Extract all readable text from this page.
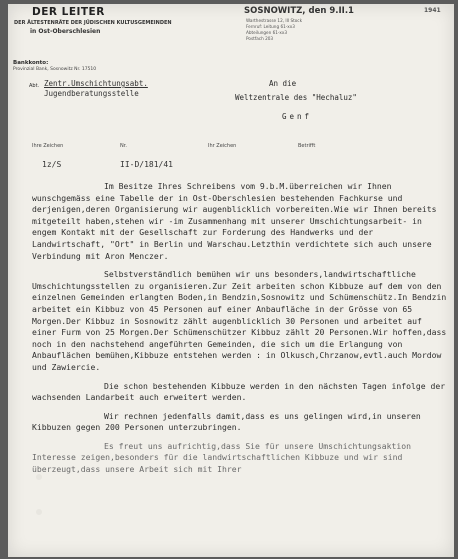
DER LEITER
DER ÄLTESTENRÄTE DER JÜDISCHEN KULTUSGEMEINDEN
in Ost-Oberschlesien
Bankkonto:
Provinzial Bank, Sosnowitz Nr. 17510
SOSNOWITZ, den 9.II.1	1941
Warthestrasse 12, III Stock
Fernruf: Leitung 61-xx3
Abteilungen 61-xx3
Postfach 203
Abt. Zentr.Umschichtungsabt.
Jugendberatungsstelle
An die
Weltzentrale des "Hechaluz"
Genf
Ihre Zeichen	Nr.	Ihr Zeichen	Betrifft
1z/S	II-D/181/41

Im Besitze Ihres Schreibens vom 9.b.M.überreichen wir Ihnen wunschgemäss eine Tabelle der in Ost-Oberschlesien bestehenden Fachkurse und derjenigen,deren Organisierung wir augenblicklich vorbereiten.Wie wir Ihnen bereits mitgeteilt haben,stehen wir -im Zusammenhang mit unserer Umschichtungsarbeit- in engem Kontakt mit der Gesellschaft zur Forderung des Handwerks und der Landwirtschaft, "Ort" in Berlin und Warschau.Letzthin verdichtete sich auch unsere Verbindung mit Aron Menczer.

Selbstverständlich bemühen wir uns besonders,landwirtschaftliche Umschichtungsstellen zu organisieren.Zur Zeit arbeiten schon Kibbuze auf dem von den einzelnen Gemeinden erlangten Boden,in Bendzin,Sosnowitz und Schümenschütz.In Bendzin arbeitet ein Kibbuz von 45 Personen auf einer Anbaufläche in der Grösse von 65 Morgen.Der Kibbuz in Sosnowitz zählt augenblicklich 30 Personen und arbeitet auf einer Furm von 25 Morgen.Der Schümenschützer Kibbuz zählt 20 Personen.Wir hoffen,dass noch in den nachstehend angeführten Gemeinden, die sich um die Erlangung von Anbauflächen bemühen,Kibbuze entstehen werden : in Olkusch,Chrzanow,evtl.auch Mordow und Zawiercie.

Die schon bestehenden Kibbuze werden in den nächsten Tagen infolge der wachsenden Landarbeit auch erweitert werden.

Wir rechnen jedenfalls damit,dass es uns gelingen wird,in unseren Kibbuzen gegen 200 Personen unterzubringen.

Es freut uns aufrichtig,dass Sie für unsere Umschichtungsaktion Interesse zeigen,besonders für die landwirtschaftlichen Kibbuze und wir sind überzeugt,dass unsere Arbeit sich mit Ihrer
